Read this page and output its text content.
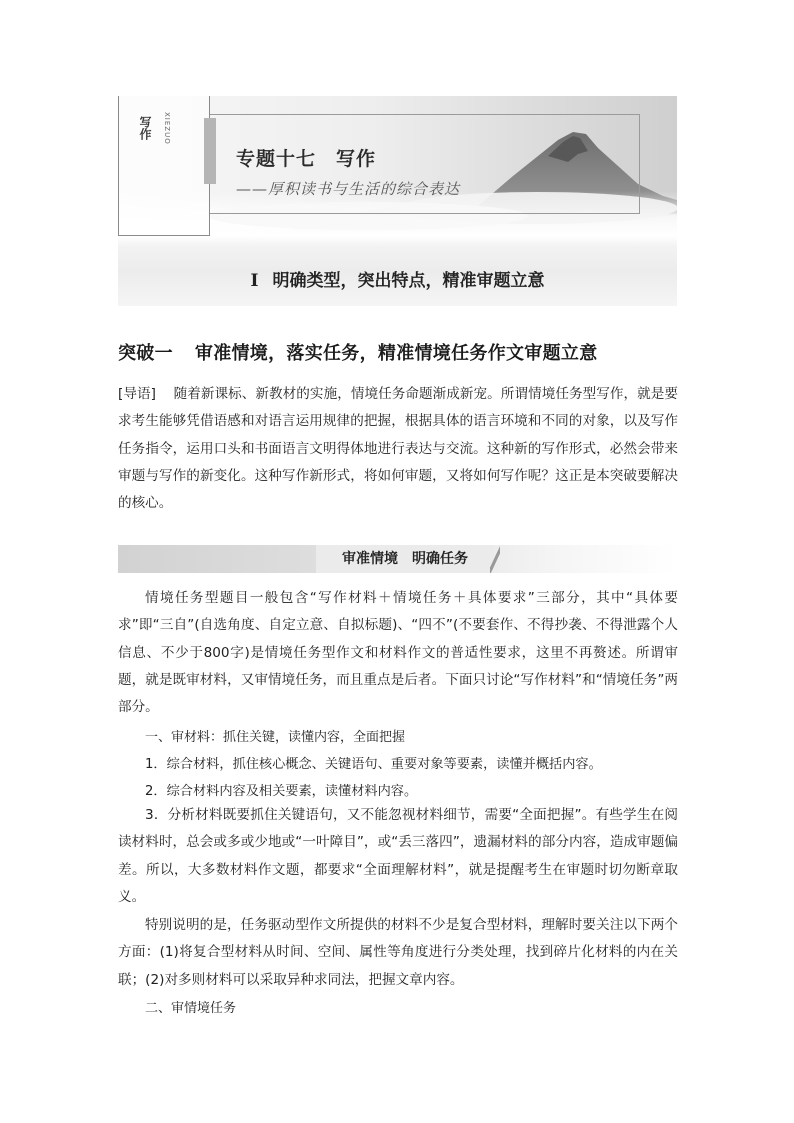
写作 XIEZUO
专题十七　写作
——厚积读书与生活的综合表达
I 明确类型，突出特点，精准审题立意
突破一 审准情境，落实任务，精准情境任务作文审题立意

[导语]　随着新课标、新教材的实施，情境任务命题渐成新宠。所谓情境任务型写作，就是要求考生能够凭借语感和对语言运用规律的把握，根据具体的语言环境和不同的对象，以及写作任务指令，运用口头和书面语言文明得体地进行表达与交流。这种新的写作形式，必然会带来审题与写作的新变化。这种写作新形式，将如何审题，又将如何写作呢？这正是本突破要解决的核心。

审准情境　明确任务

情境任务型题目一般包含“写作材料＋情境任务＋具体要求”三部分，其中“具体要求”即“三自”(自选角度、自定立意、自拟标题)、“四不”(不要套作、不得抄袭、不得泄露个人信息、不少于800字)是情境任务型作文和材料作文的普适性要求，这里不再赘述。所谓审题，就是既审材料，又审情境任务，而且重点是后者。下面只讨论“写作材料”和“情境任务”两部分。

一、审材料：抓住关键，读懂内容，全面把握

1．综合材料，抓住核心概念、关键语句、重要对象等要素，读懂并概括内容。

2．综合材料内容及相关要素，读懂材料内容。

3．分析材料既要抓住关键语句，又不能忽视材料细节，需要“全面把握”。有些学生在阅读材料时，总会或多或少地或“一叶障目”，或“丢三落四”，遗漏材料的部分内容，造成审题偏差。所以，大多数材料作文题，都要求“全面理解材料”，就是提醒考生在审题时切勿断章取义。

特别说明的是，任务驱动型作文所提供的材料不少是复合型材料，理解时要关注以下两个方面：(1)将复合型材料从时间、空间、属性等角度进行分类处理，找到碎片化材料的内在关联；(2)对多则材料可以采取异种求同法，把握文章内容。

二、审情境任务
